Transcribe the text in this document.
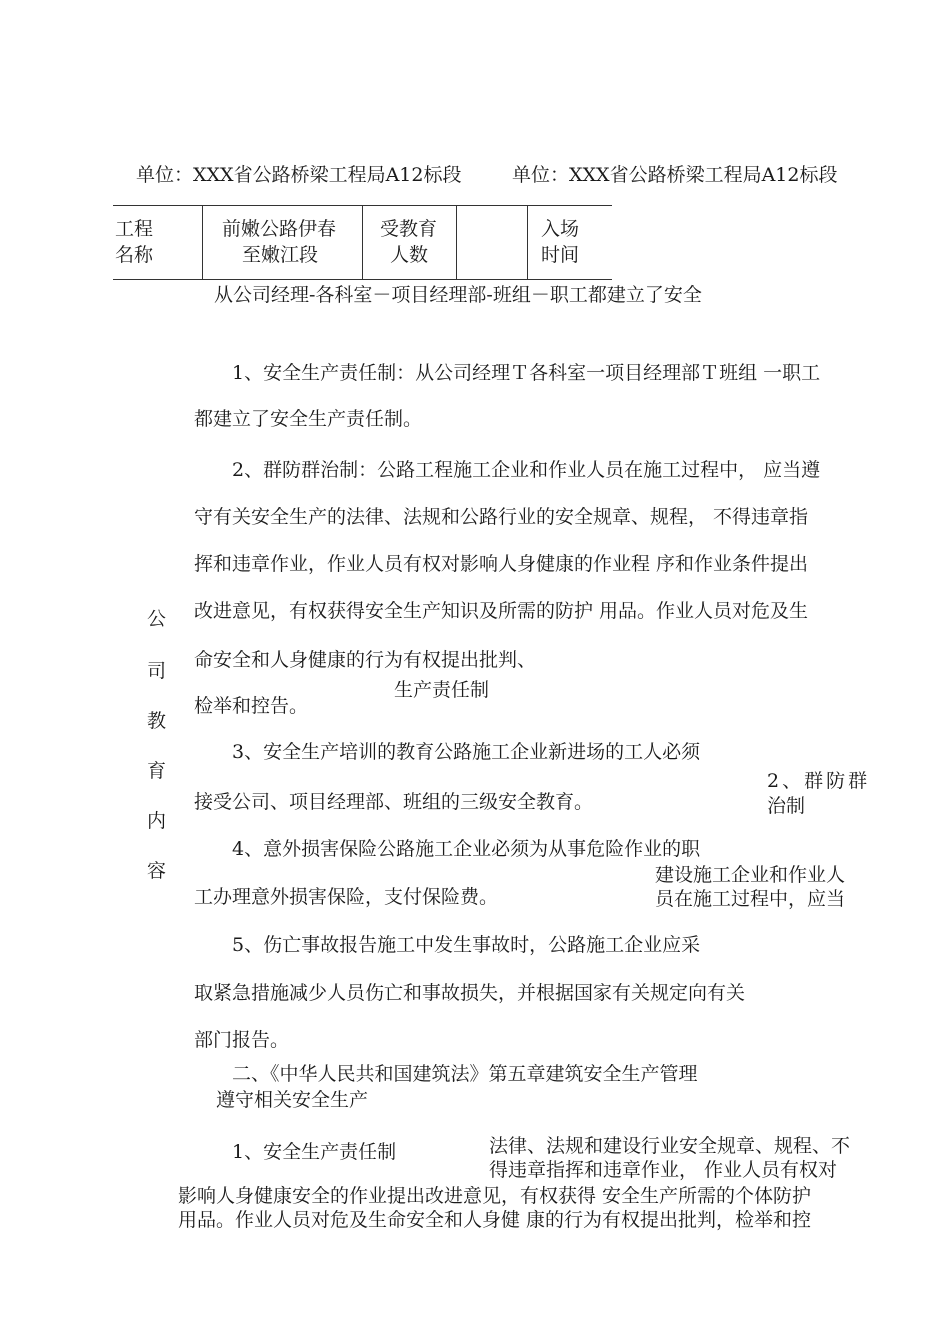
单位：XXX省公路桥梁工程局A12标段	单位：XXX省公路桥梁工程局A12标段
工程
名称
前嫩公路伊春
至嫩江段
受教育
人数
入场
时间
从公司经理-各科室－项目经理部-班组－职工都建立了安全
公
司
教
育
内
容
1、安全生产责任制：从公司经理Ｔ各科室一项目经理部Ｔ班组 一职工
都建立了安全生产责任制。
2、群防群治制：公路工程施工企业和作业人员在施工过程中， 应当遵
守有关安全生产的法律、法规和公路行业的安全规章、规程， 不得违章指
挥和违章作业，作业人员有权对影响人身健康的作业程 序和作业条件提出
改进意见，有权获得安全生产知识及所需的防护 用品。作业人员对危及生
命安全和人身健康的行为有权提出批判、
检举和控告。
生产责任制
3、安全生产培训的教育公路施工企业新进场的工人必须
接受公司、项目经理部、班组的三级安全教育。
2、群防群
治制
4、意外损害保险公路施工企业必须为从事危险作业的职
工办理意外损害保险，支付保险费。
建设施工企业和作业人
员在施工过程中，应当
5、伤亡事故报告施工中发生事故时，公路施工企业应采
取紧急措施减少人员伤亡和事故损失，并根据国家有关规定向有关
部门报告。
二、《中华人民共和国建筑法》第五章建筑安全生产管理
遵守相关安全生产
1、安全生产责任制	法律、法规和建设行业安全规章、规程、不
得违章指挥和违章作业， 作业人员有权对
影响人身健康安全的作业提出改进意见，有权获得 安全生产所需的个体防护
用品。作业人员对危及生命安全和人身健 康的行为有权提出批判，检举和控
